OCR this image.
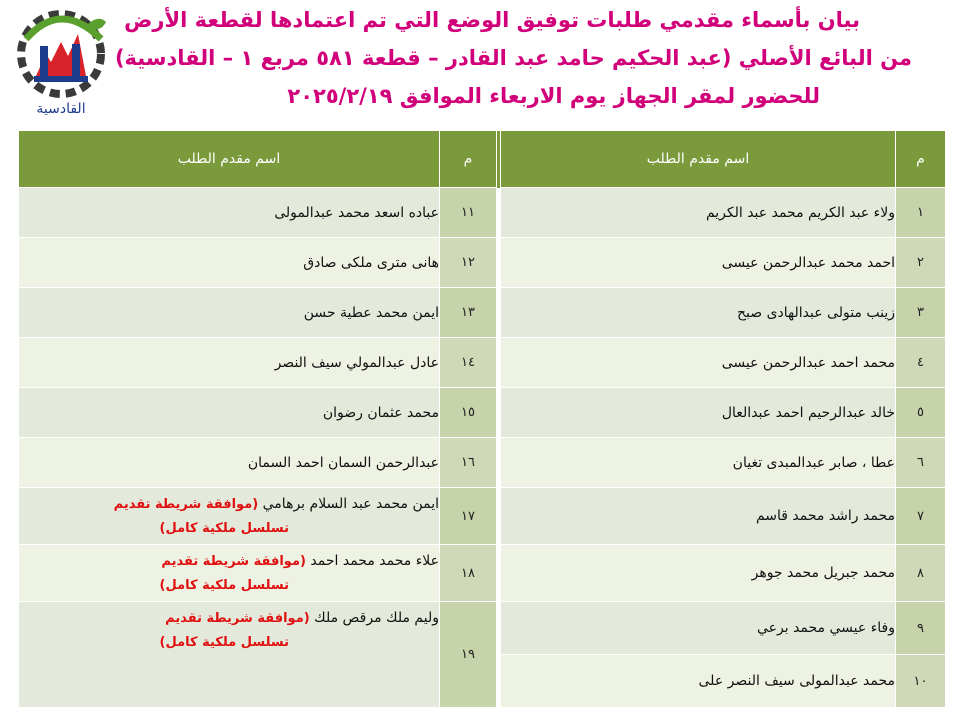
القادسية
بيان بأسماء مقدمي طلبات توفيق الوضع التي تم اعتمادها لقطعة الأرض
من البائع الأصلي (عبد الحكيم حامد عبد القادر – قطعة ٥٨١ مربع ١ – القادسية)
للحضور لمقر الجهاز يوم الاربعاء الموافق ٢٠٢٥/٢/١٩
م	اسم مقدم الطلب		م	اسم مقدم الطلب
١	ولاء عبد الكريم محمد عبد الكريم		١١	عباده اسعد محمد عبدالمولى
٢	احمد محمد عبدالرحمن عيسى		١٢	هانى مترى ملكى صادق
٣	زينب متولى عبدالهادى صبح		١٣	ايمن محمد عطية حسن
٤	محمد احمد عبدالرحمن عيسى		١٤	عادل عبدالمولي سيف النصر
٥	خالد عبدالرحيم احمد عبدالعال		١٥	محمد عثمان رضوان
٦	عطا ، صابر عبدالمبدى تغيان		١٦	عبدالرحمن السمان احمد السمان
٧	محمد راشد محمد قاسم		١٧	ايمن محمد عبد السلام برهامي (موافقة شريطة تقديم
تسلسل ملكية كامل)

٨	محمد جبريل محمد جوهر		١٨	علاء محمد محمد احمد (موافقة شريطة تقديم
تسلسل ملكية كامل)

٩	وفاء عيسي محمد برعي		١٩	وليم ملك مرقص ملك (موافقة شريطة تقديم
تسلسل ملكية كامل)

١٠	محمد عبدالمولى سيف النصر على			
